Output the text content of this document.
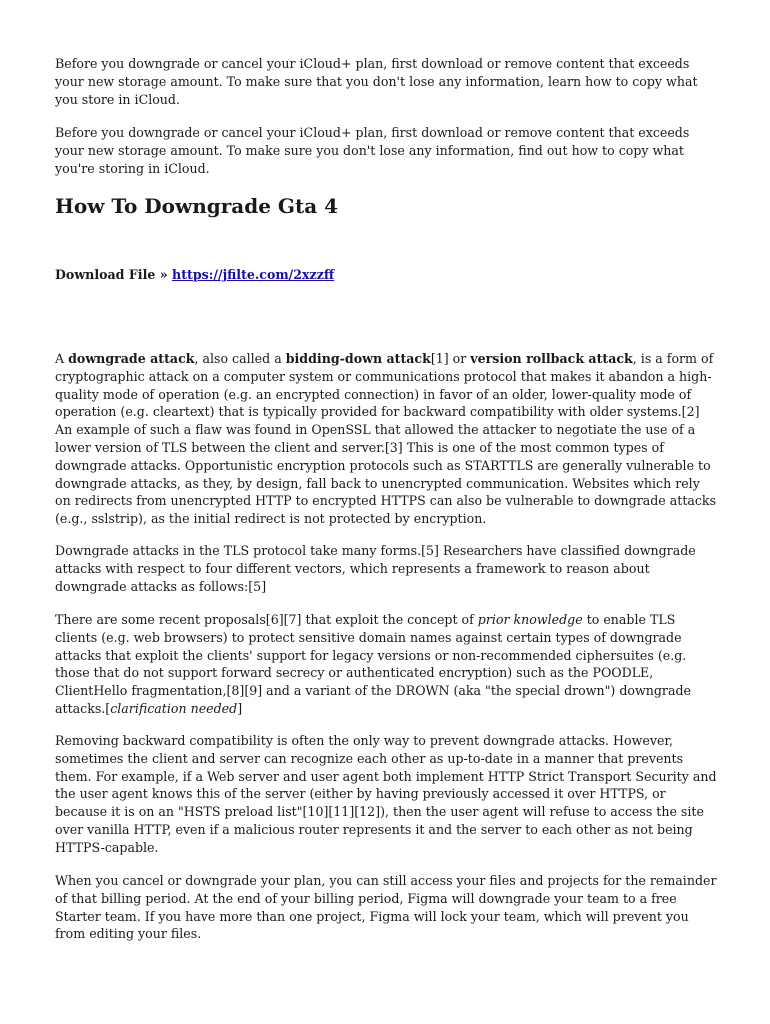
Before you downgrade or cancel your iCloud+ plan, first download or remove content that exceeds your new storage amount. To make sure that you don't lose any information, learn how to copy what you store in iCloud.

Before you downgrade or cancel your iCloud+ plan, first download or remove content that exceeds your new storage amount. To make sure you don't lose any information, find out how to copy what you're storing in iCloud.

How To Downgrade Gta 4

Download File » https://jfilte.com/2xzzff

A downgrade attack, also called a bidding-down attack[1] or version rollback attack, is a form of cryptographic attack on a computer system or communications protocol that makes it abandon a high-quality mode of operation (e.g. an encrypted connection) in favor of an older, lower-quality mode of operation (e.g. cleartext) that is typically provided for backward compatibility with older systems.[2] An example of such a flaw was found in OpenSSL that allowed the attacker to negotiate the use of a lower version of TLS between the client and server.[3] This is one of the most common types of downgrade attacks. Opportunistic encryption protocols such as STARTTLS are generally vulnerable to downgrade attacks, as they, by design, fall back to unencrypted communication. Websites which rely on redirects from unencrypted HTTP to encrypted HTTPS can also be vulnerable to downgrade attacks (e.g., sslstrip), as the initial redirect is not protected by encryption.

Downgrade attacks in the TLS protocol take many forms.[5] Researchers have classified downgrade attacks with respect to four different vectors, which represents a framework to reason about downgrade attacks as follows:[5]

There are some recent proposals[6][7] that exploit the concept of prior knowledge to enable TLS clients (e.g. web browsers) to protect sensitive domain names against certain types of downgrade attacks that exploit the clients' support for legacy versions or non-recommended ciphersuites (e.g. those that do not support forward secrecy or authenticated encryption) such as the POODLE, ClientHello fragmentation,[8][9] and a variant of the DROWN (aka "the special drown") downgrade attacks.[clarification needed]

Removing backward compatibility is often the only way to prevent downgrade attacks. However, sometimes the client and server can recognize each other as up-to-date in a manner that prevents them. For example, if a Web server and user agent both implement HTTP Strict Transport Security and the user agent knows this of the server (either by having previously accessed it over HTTPS, or because it is on an "HSTS preload list"[10][11][12]), then the user agent will refuse to access the site over vanilla HTTP, even if a malicious router represents it and the server to each other as not being HTTPS-capable.

When you cancel or downgrade your plan, you can still access your files and projects for the remainder of that billing period. At the end of your billing period, Figma will downgrade your team to a free Starter team. If you have more than one project, Figma will lock your team, which will prevent you from editing your files.
